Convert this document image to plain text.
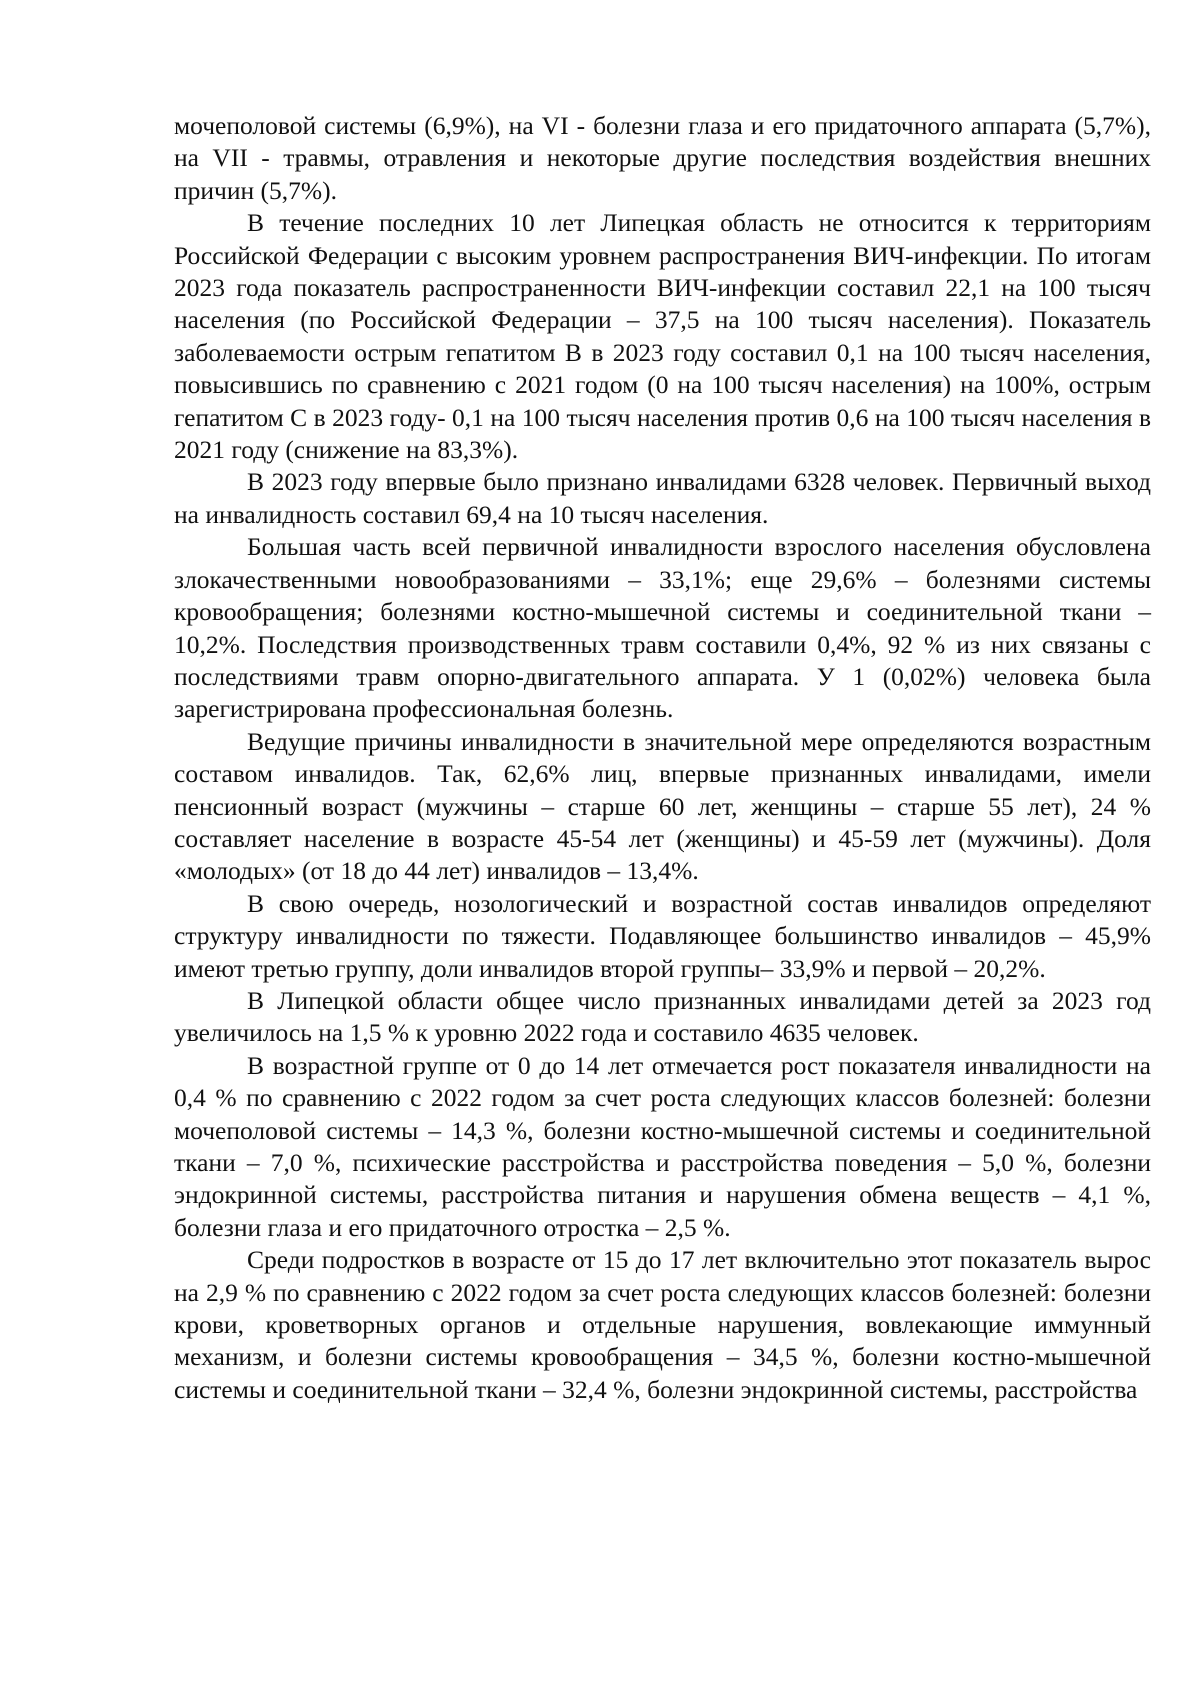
мочеполовой системы (6,9%), на VI - болезни глаза и его придаточного аппарата (5,7%), на VII - травмы, отравления и некоторые другие последствия воздействия внешних причин (5,7%).

В течение последних 10 лет Липецкая область не относится к территориям Российской Федерации с высоким уровнем распространения ВИЧ-инфекции. По итогам 2023 года показатель распространенности ВИЧ-инфекции составил 22,1 на 100 тысяч населения (по Российской Федерации – 37,5 на 100 тысяч населения). Показатель заболеваемости острым гепатитом В в 2023 году составил 0,1 на 100 тысяч населения, повысившись по сравнению с 2021 годом (0 на 100 тысяч населения) на 100%, острым гепатитом С в 2023 году- 0,1 на 100 тысяч населения против 0,6 на 100 тысяч населения в 2021 году (снижение на 83,3%).

В 2023 году впервые было признано инвалидами 6328 человек. Первичный выход на инвалидность составил 69,4 на 10 тысяч населения.

Большая часть всей первичной инвалидности взрослого населения обусловлена злокачественными новообразованиями – 33,1%; еще 29,6% – болезнями системы кровообращения; болезнями костно-мышечной системы и соединительной ткани – 10,2%. Последствия производственных травм составили 0,4%, 92 % из них связаны с последствиями травм опорно-двигательного аппарата. У 1 (0,02%) человека была зарегистрирована профессиональная болезнь.

Ведущие причины инвалидности в значительной мере определяются возрастным составом инвалидов. Так, 62,6% лиц, впервые признанных инвалидами, имели пенсионный возраст (мужчины – старше 60 лет, женщины – старше 55 лет), 24 % составляет население в возрасте 45-54 лет (женщины) и 45-59 лет (мужчины). Доля «молодых» (от 18 до 44 лет) инвалидов – 13,4%.

В свою очередь, нозологический и возрастной состав инвалидов определяют структуру инвалидности по тяжести. Подавляющее большинство инвалидов – 45,9% имеют третью группу, доли инвалидов второй группы– 33,9% и первой – 20,2%.

В Липецкой области общее число признанных инвалидами детей за 2023 год увеличилось на 1,5 % к уровню 2022 года и составило 4635 человек.

В возрастной группе от 0 до 14 лет отмечается рост показателя инвалидности на 0,4 % по сравнению с 2022 годом за счет роста следующих классов болезней: болезни мочеполовой системы – 14,3 %, болезни костно-мышечной системы и соединительной ткани – 7,0 %, психические расстройства и расстройства поведения – 5,0 %, болезни эндокринной системы, расстройства питания и нарушения обмена веществ – 4,1 %, болезни глаза и его придаточного отростка – 2,5 %.

Среди подростков в возрасте от 15 до 17 лет включительно этот показатель вырос на 2,9 % по сравнению с 2022 годом за счет роста следующих классов болезней: болезни крови, кроветворных органов и отдельные нарушения, вовлекающие иммунный механизм, и болезни системы кровообращения – 34,5 %, болезни костно-мышечной системы и соединительной ткани – 32,4 %, болезни эндокринной системы, расстройства
